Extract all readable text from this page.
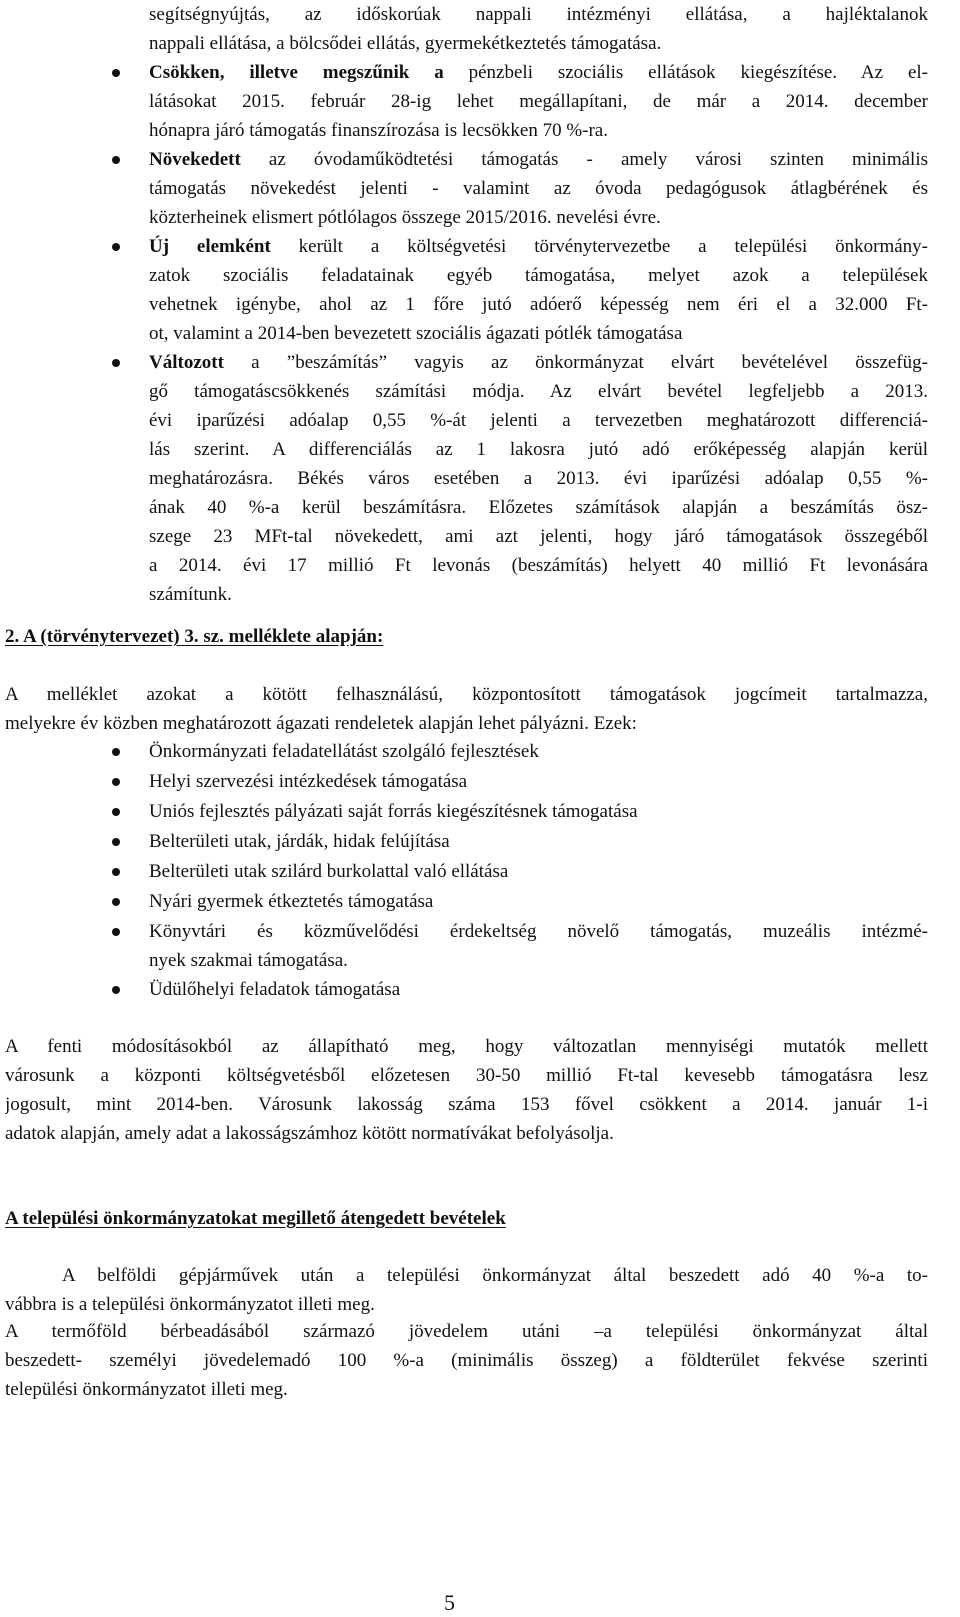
segítségnyújtás, az időskorúak nappali intézményi ellátása, a hajléktalanok
nappali ellátása, a bölcsődei ellátás, gyermekétkeztetés támogatása.
Csökken, illetve megszűnik a pénzbeli szociális ellátások kiegészítése. Az el-
látásokat 2015. február 28-ig lehet megállapítani, de már a 2014. december
hónapra járó támogatás finanszírozása is lecsökken 70 %-ra.
Növekedett az óvodaműködtetési támogatás - amely városi szinten minimális
támogatás növekedést jelenti - valamint az óvoda pedagógusok átlagbérének és
közterheinek elismert pótlólagos összege 2015/2016. nevelési évre.
Új elemként került a költségvetési törvénytervezetbe a települési önkormány-
zatok szociális feladatainak egyéb támogatása, melyet azok a települések
vehetnek igénybe, ahol az 1 főre jutó adóerő képesség nem éri el a 32.000 Ft-
ot, valamint a 2014-ben bevezetett szociális ágazati pótlék támogatása
Változott a ”beszámítás” vagyis az önkormányzat elvárt bevételével összefüg-
gő támogatáscsökkenés számítási módja. Az elvárt bevétel legfeljebb a 2013.
évi iparűzési adóalap 0,55 %-át jelenti a tervezetben meghatározott differenciá-
lás szerint. A differenciálás az 1 lakosra jutó adó erőképesség alapján kerül
meghatározásra. Békés város esetében a 2013. évi iparűzési adóalap 0,55 %-
ának 40 %-a kerül beszámításra. Előzetes számítások alapján a beszámítás ösz-
szege 23 MFt-tal növekedett, ami azt jelenti, hogy járó támogatások összegéből
a 2014. évi 17 millió Ft levonás (beszámítás) helyett 40 millió Ft levonására
számítunk.
2. A (törvénytervezet) 3. sz. melléklete alapján:
A melléklet azokat a kötött felhasználású, központosított támogatások jogcímeit tartalmazza,
melyekre év közben meghatározott ágazati rendeletek alapján lehet pályázni. Ezek:
Önkormányzati feladatellátást szolgáló fejlesztések
Helyi szervezési intézkedések támogatása
Uniós fejlesztés pályázati saját forrás kiegészítésnek támogatása
Belterületi utak, járdák, hidak felújítása
Belterületi utak szilárd burkolattal való ellátása
Nyári gyermek étkeztetés támogatása
Könyvtári és közművelődési érdekeltség növelő támogatás, muzeális intézmé-
nyek szakmai támogatása.
Üdülőhelyi feladatok támogatása
A fenti módosításokból az állapítható meg, hogy változatlan mennyiségi mutatók mellett
városunk a központi költségvetésből előzetesen 30-50 millió Ft-tal kevesebb támogatásra lesz
jogosult, mint 2014-ben. Városunk lakosság száma 153 fővel csökkent a 2014. január 1-i
adatok alapján, amely adat a lakosságszámhoz kötött normatívákat befolyásolja.
A települési önkormányzatokat megillető átengedett bevételek
A belföldi gépjárművek után a települési önkormányzat által beszedett adó 40 %-a to-
vábbra is a települési önkormányzatot illeti meg.
A termőföld bérbeadásából származó jövedelem utáni –a települési önkormányzat által
beszedett- személyi jövedelemadó 100 %-a (minimális összeg) a földterület fekvése szerinti
települési önkormányzatot illeti meg.
5
